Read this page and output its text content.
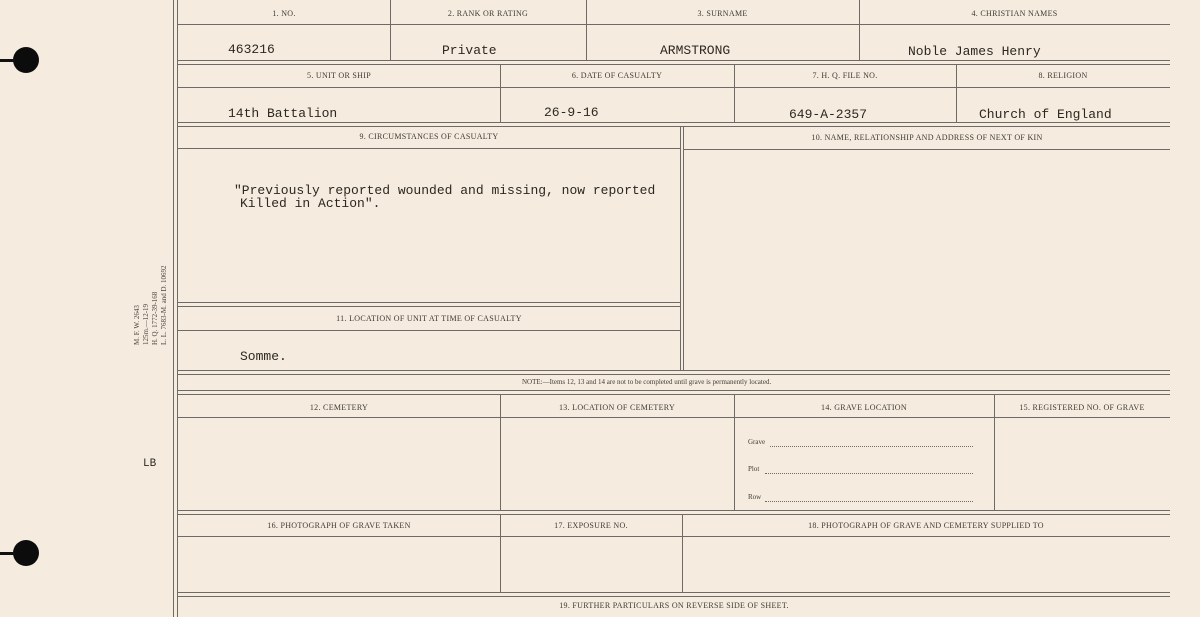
M. F. W. 2643 125m.—12-19 H. Q. 1772-39-168 L. L. 7683-M. and D. 10692
LB
1. NO.	2. RANK OR RATING	3. SURNAME	4. CHRISTIAN NAMES
463216	Private	ARMSTRONG	Noble James Henry
5. UNIT OR SHIP	6. DATE OF CASUALTY	7. H. Q. FILE NO.	8. RELIGION
14th Battalion	26-9-16	649-A-2357	Church of England
9. CIRCUMSTANCES OF CASUALTY	10. NAME, RELATIONSHIP AND ADDRESS OF NEXT OF KIN
"Previously reported wounded and missing, now reported
Killed in Action".
11. LOCATION OF UNIT AT TIME OF CASUALTY
Somme.
NOTE:—Items 12, 13 and 14 are not to be completed until grave is permanently located.
12. CEMETERY	13. LOCATION OF CEMETERY	14. GRAVE LOCATION	15. REGISTERED NO. OF GRAVE
Grave
Plot
Row
16. PHOTOGRAPH OF GRAVE TAKEN	17. EXPOSURE NO.	18. PHOTOGRAPH OF GRAVE AND CEMETERY SUPPLIED TO
19. FURTHER PARTICULARS ON REVERSE SIDE OF SHEET.
